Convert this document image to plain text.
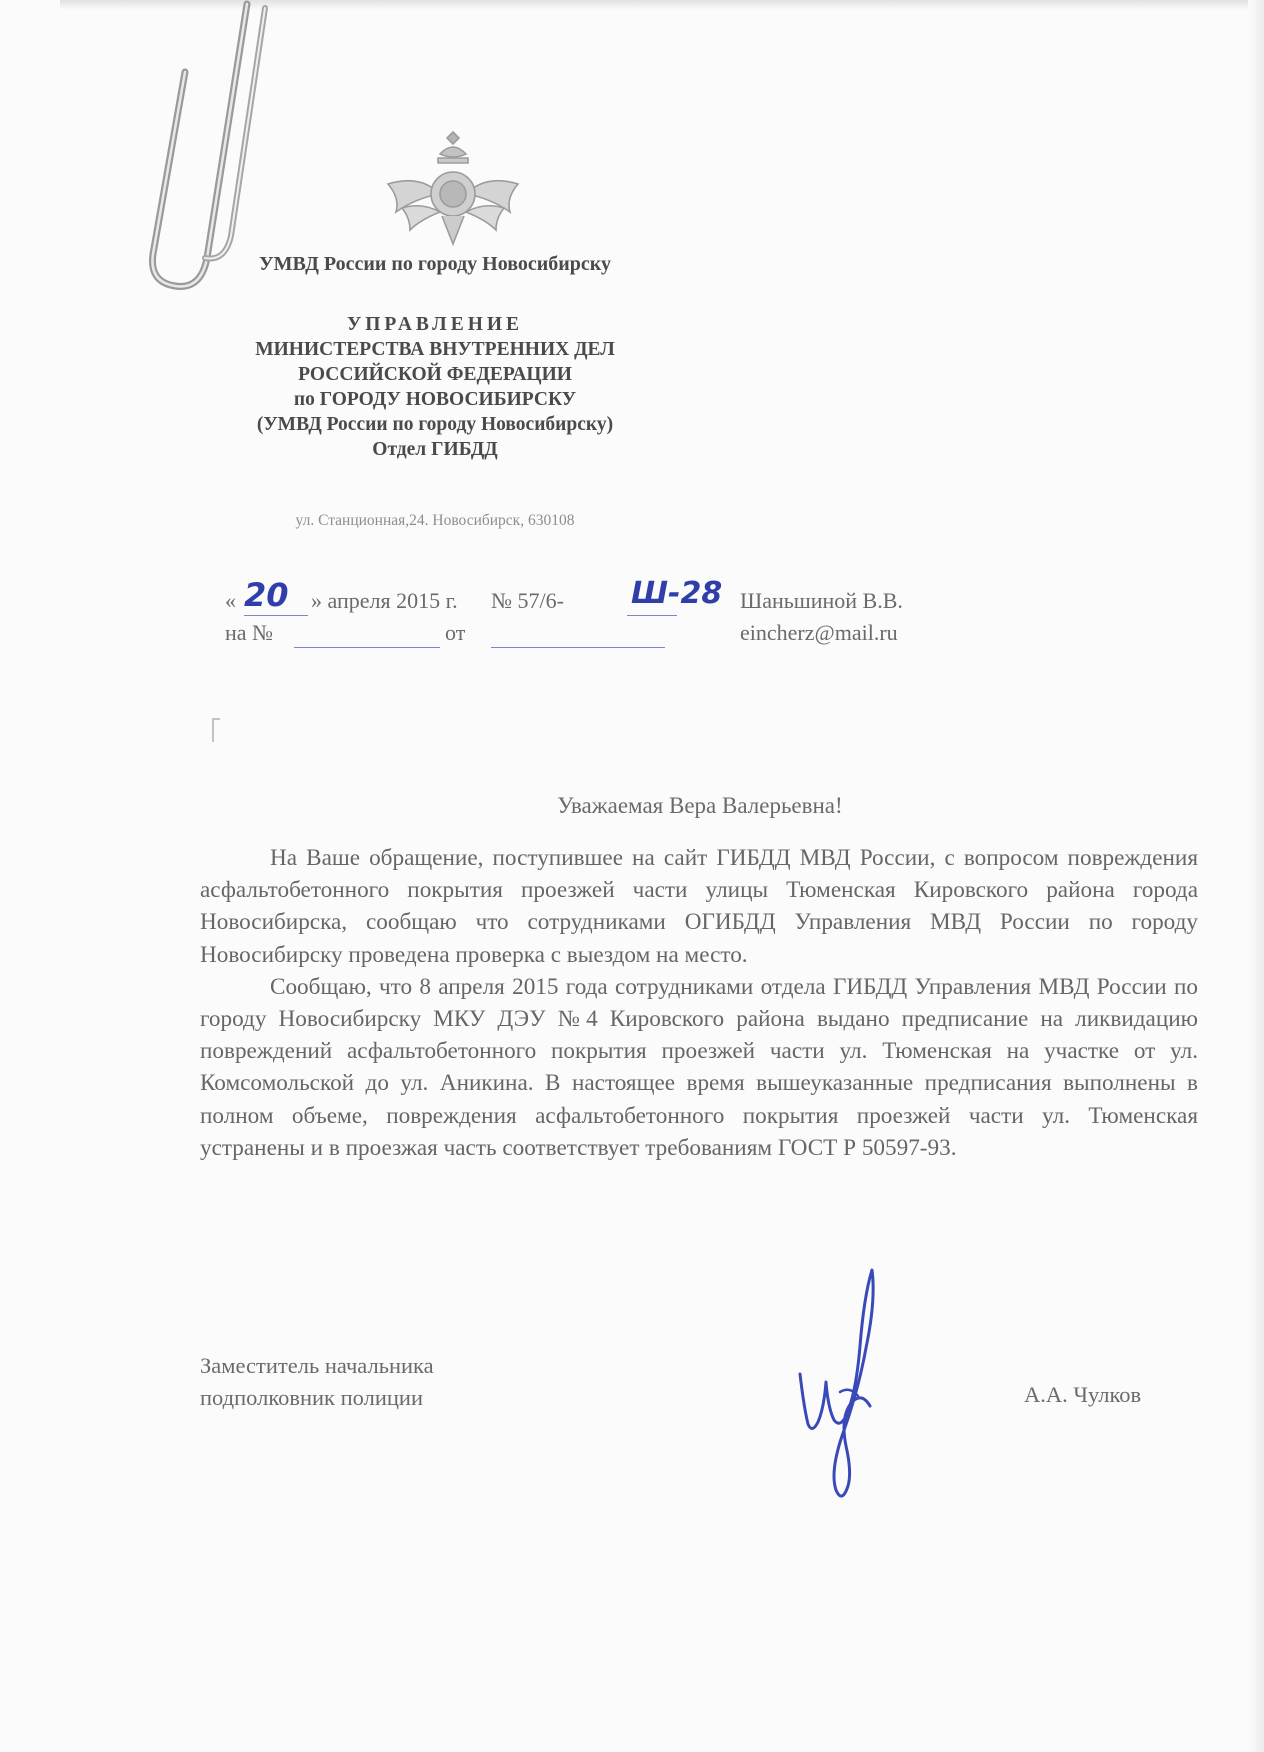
УМВД России по городу Новосибирску
УПРАВЛЕНИЕ
МИНИСТЕРСТВА ВНУТРЕННИХ ДЕЛ
РОССИЙСКОЙ ФЕДЕРАЦИИ
по ГОРОДУ НОВОСИБИРСКУ
(УМВД России по городу Новосибирску)
Отдел ГИБДД
ул. Станционная,24. Новосибирск, 630108
« 20 » апреля 2015 г. № 57/6- Ш-28
на №	от
Шаньшиной В.В.
eincherz@mail.ru
Уважаемая Вера Валерьевна!

На Ваше обращение, поступившее на сайт ГИБДД МВД России, с вопросом повреждения асфальтобетонного покрытия проезжей части улицы Тюменская Кировского района города Новосибирска, сообщаю что сотрудниками ОГИБДД Управления МВД России по городу Новосибирску проведена проверка с выездом на место.

Сообщаю, что 8 апреля 2015 года сотрудниками отдела ГИБДД Управления МВД России по городу Новосибирску МКУ ДЭУ №4 Кировского района выдано предписание на ликвидацию повреждений асфальтобетонного покрытия проезжей части ул. Тюменская на участке от ул. Комсомольской до ул. Аникина. В настоящее время вышеуказанные предписания выполнены в полном объеме, повреждения асфальтобетонного покрытия проезжей части ул. Тюменская устранены и в проезжая часть соответствует требованиям ГОСТ Р 50597-93.

Заместитель начальника
подполковник полиции	А.А. Чулков
